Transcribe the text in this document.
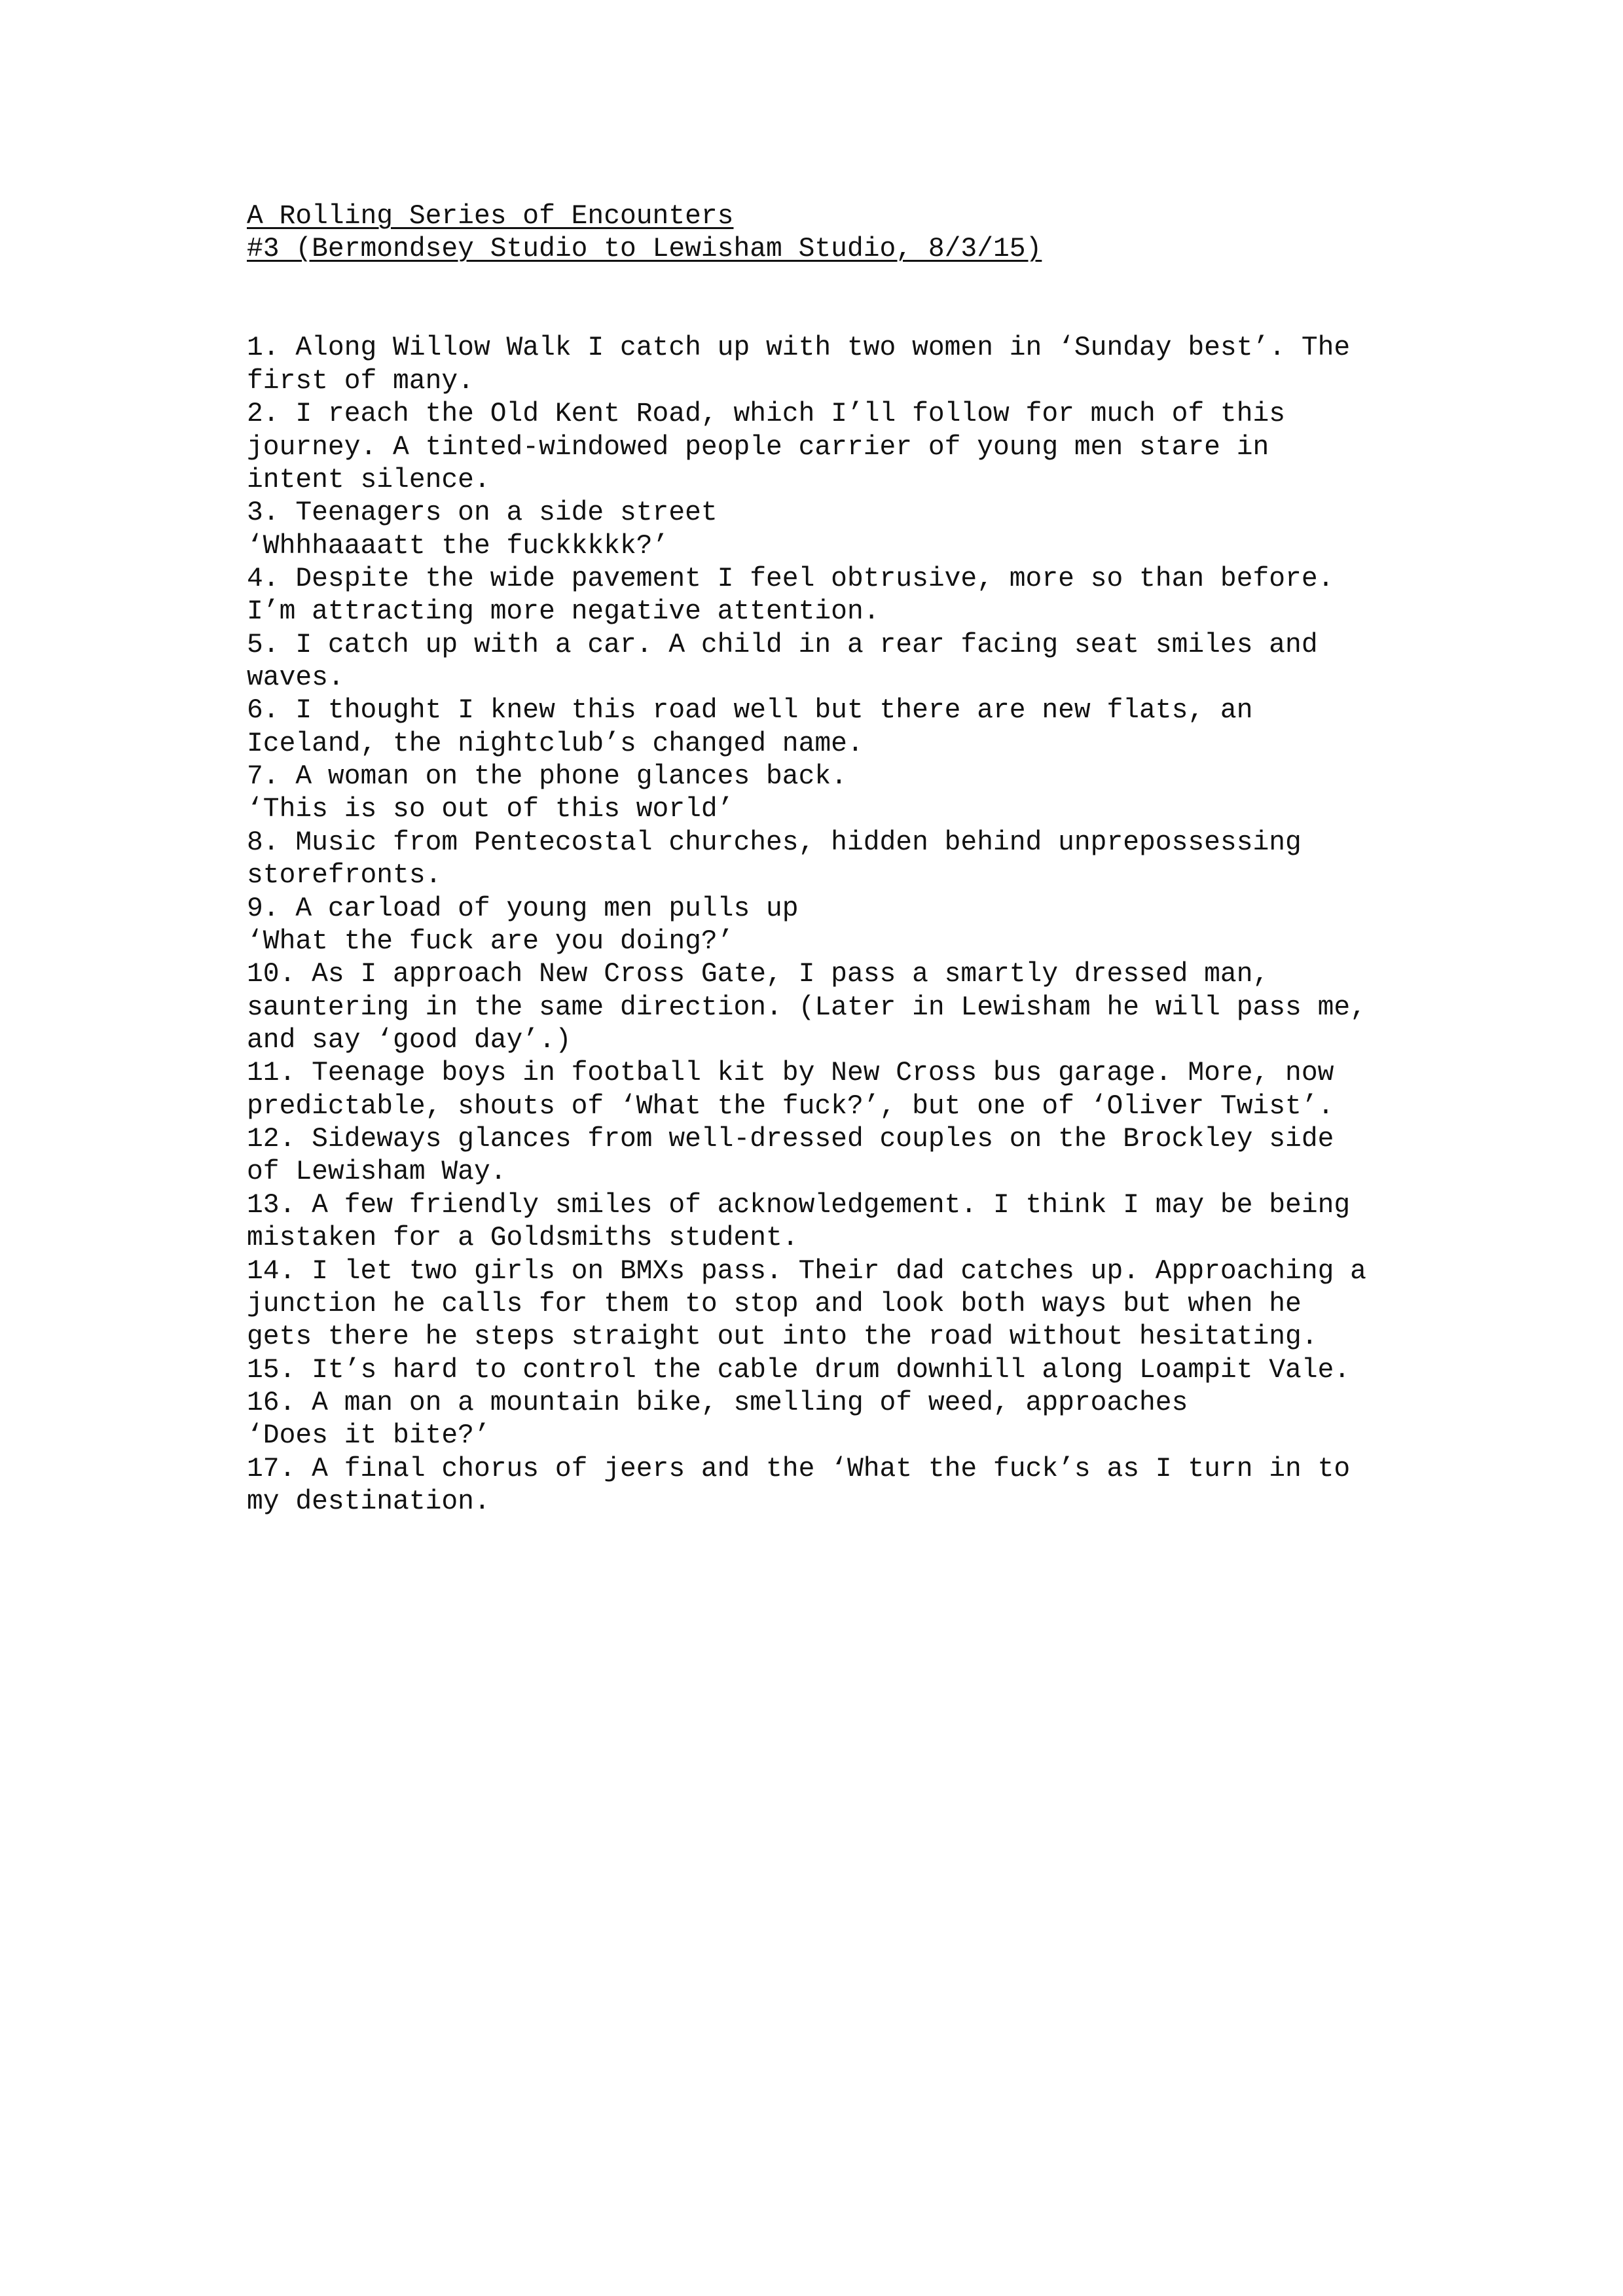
A Rolling Series of Encounters
#3 (Bermondsey Studio to Lewisham Studio, 8/3/15)
1. Along Willow Walk I catch up with two women in ‘Sunday best’. The
first of many.
2. I reach the Old Kent Road, which I’ll follow for much of this
journey. A tinted-windowed people carrier of young men stare in
intent silence.
3. Teenagers on a side street
‘Whhhaaaatt the fuckkkkk?’
4. Despite the wide pavement I feel obtrusive, more so than before.
I’m attracting more negative attention.
5. I catch up with a car. A child in a rear facing seat smiles and
waves.
6. I thought I knew this road well but there are new flats, an
Iceland, the nightclub’s changed name.
7. A woman on the phone glances back.
‘This is so out of this world’
8. Music from Pentecostal churches, hidden behind unprepossessing
storefronts.
9. A carload of young men pulls up
‘What the fuck are you doing?’
10. As I approach New Cross Gate, I pass a smartly dressed man,
sauntering in the same direction. (Later in Lewisham he will pass me,
and say ‘good day’.)
11. Teenage boys in football kit by New Cross bus garage. More, now
predictable, shouts of ‘What the fuck?’, but one of ‘Oliver Twist’.
12. Sideways glances from well-dressed couples on the Brockley side
of Lewisham Way.
13. A few friendly smiles of acknowledgement. I think I may be being
mistaken for a Goldsmiths student.
14. I let two girls on BMXs pass. Their dad catches up. Approaching a
junction he calls for them to stop and look both ways but when he
gets there he steps straight out into the road without hesitating.
15. It’s hard to control the cable drum downhill along Loampit Vale.
16. A man on a mountain bike, smelling of weed, approaches
‘Does it bite?’
17. A final chorus of jeers and the ‘What the fuck’s as I turn in to
my destination.
